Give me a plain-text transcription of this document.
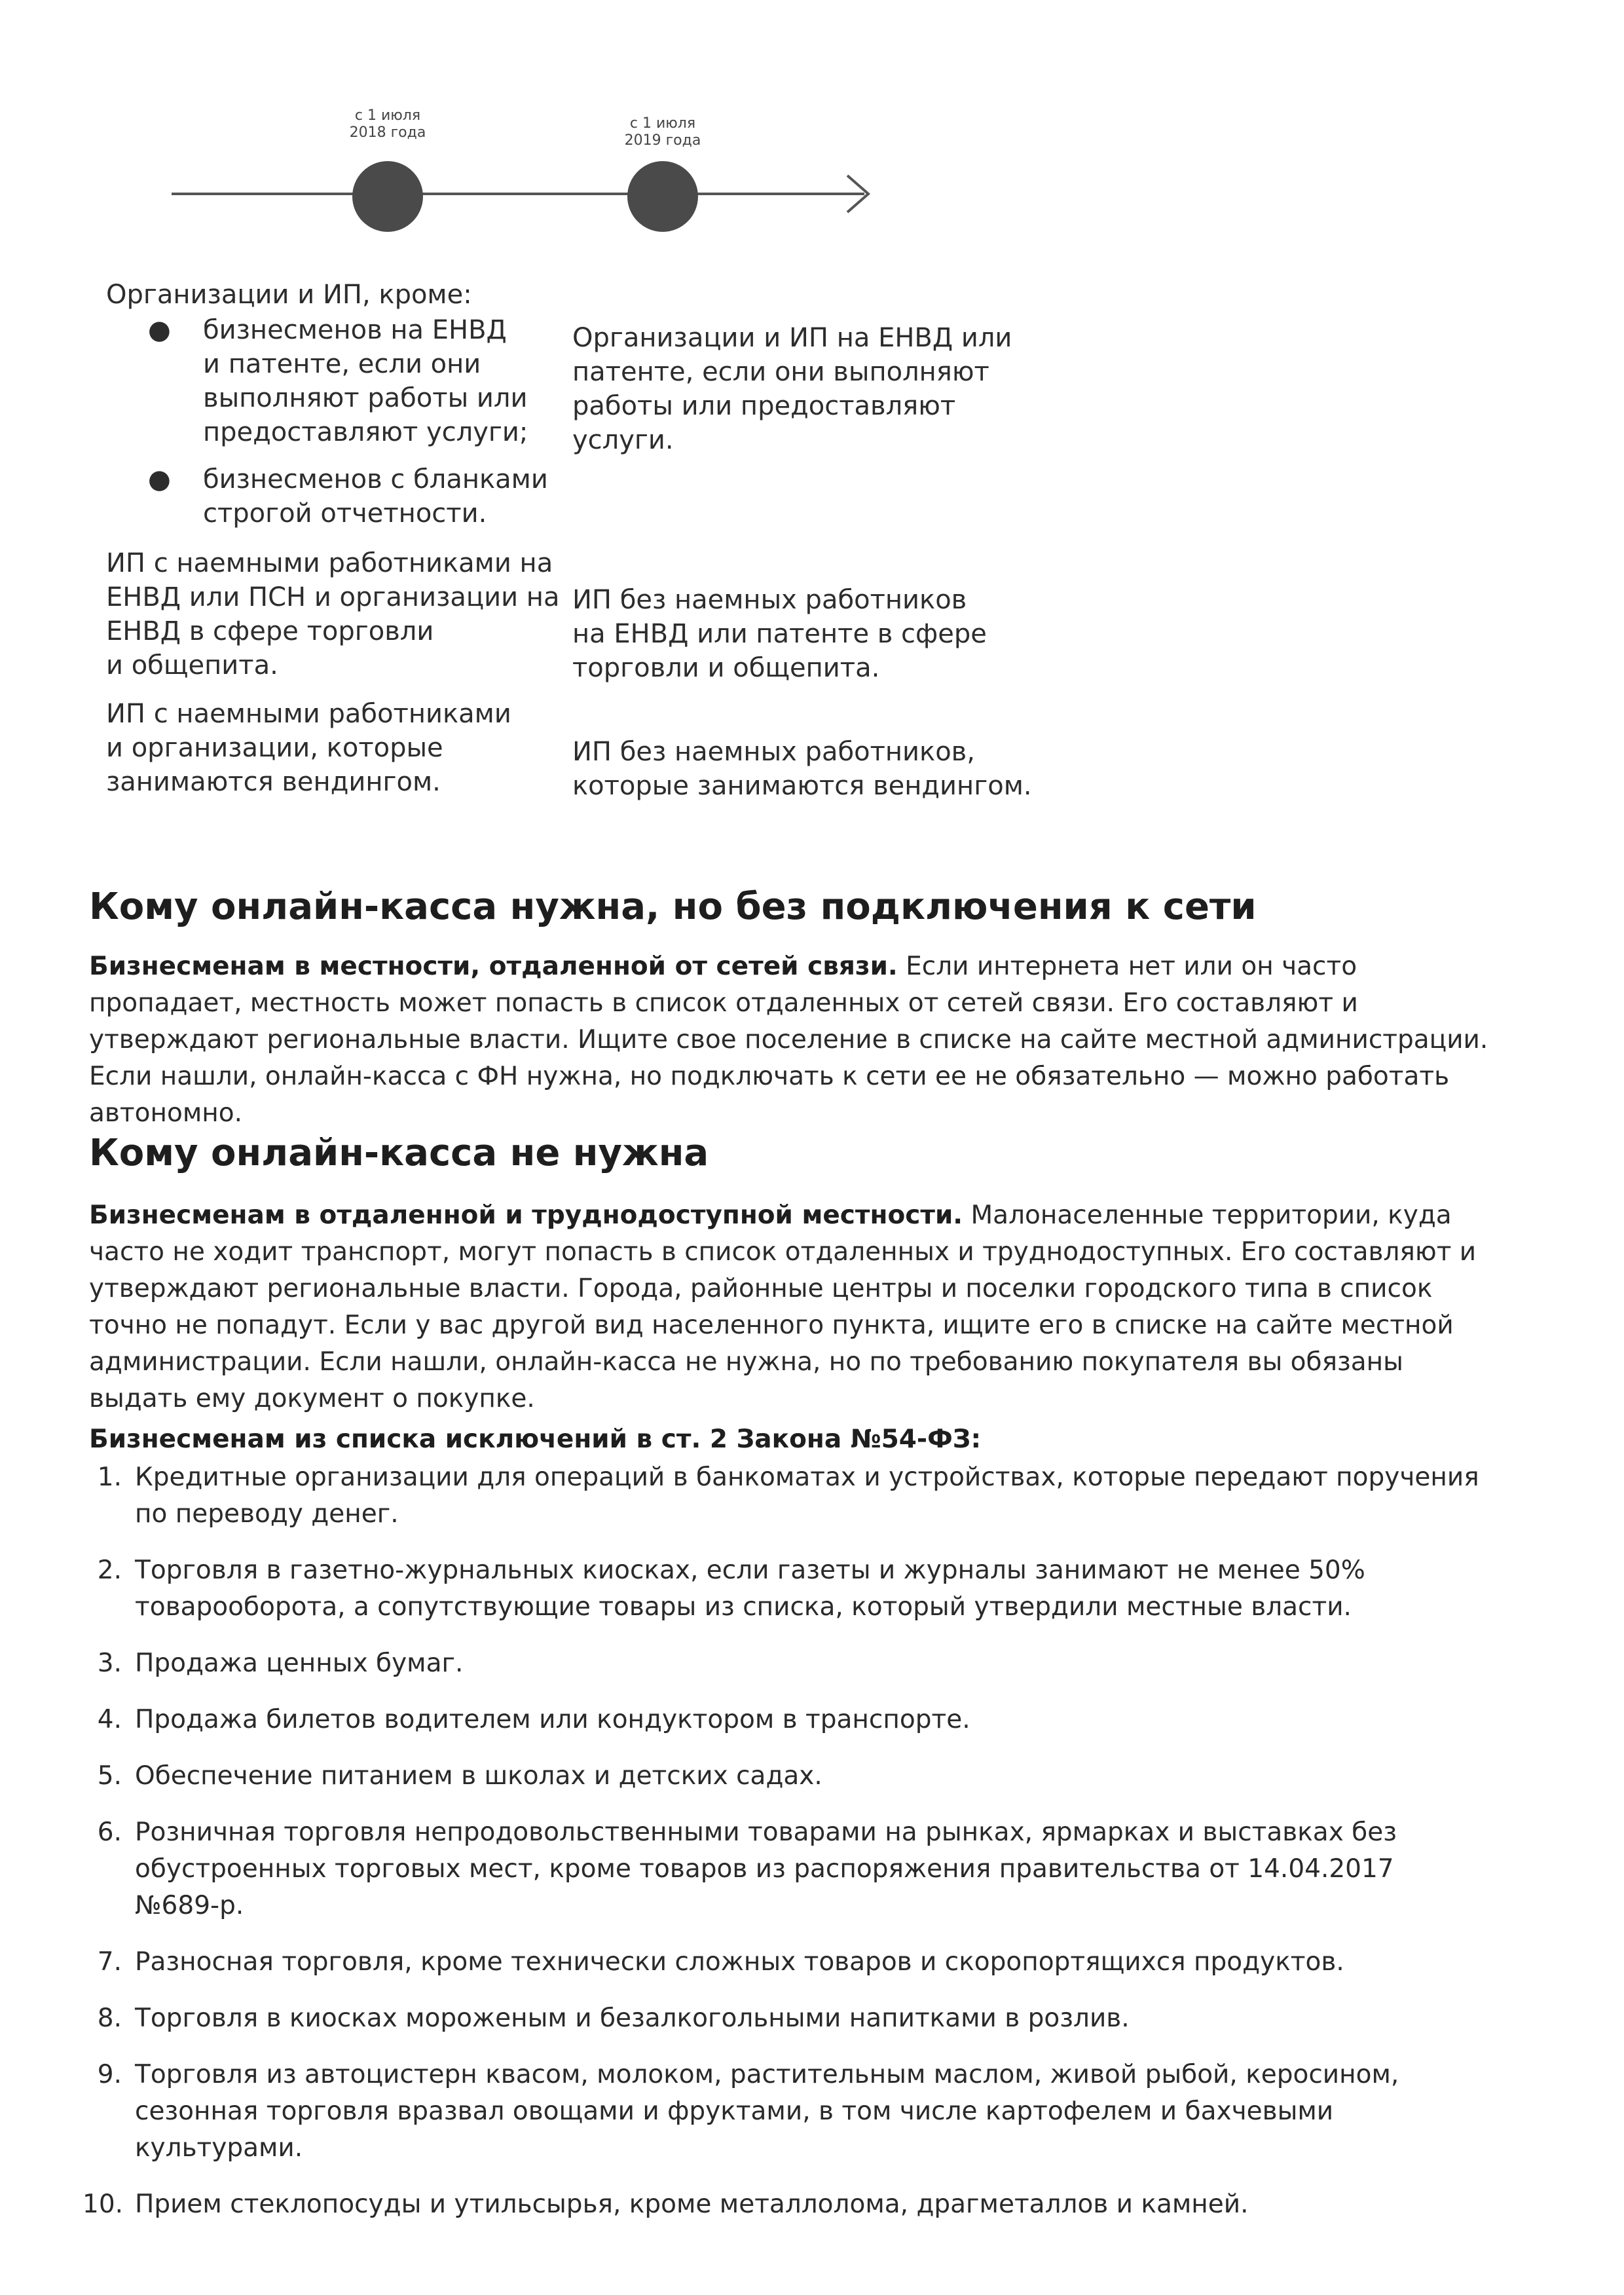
с 1 июля
2018 года
с 1 июля
2019 года
Организации и ИП, кроме:
● бизнесменов на ЕНВД
и патенте, если они
выполняют работы или
предоставляют услуги;
● бизнесменов с бланками
строгой отчетности.
ИП с наемными работниками на
ЕНВД или ПСН и организации на
ЕНВД в сфере торговли
и общепита.
ИП с наемными работниками
и организации, которые
занимаются вендингом.
Организации и ИП на ЕНВД или
патенте, если они выполняют
работы или предоставляют
услуги.
ИП без наемных работников
на ЕНВД или патенте в сфере
торговли и общепита.
ИП без наемных работников,
которые занимаются вендингом.
Кому онлайн-касса нужна, но без подключения к сети

Бизнесменам в местности, отдаленной от сетей связи. Если интернета нет или он часто пропадает, местность может попасть в список отдаленных от сетей связи. Его составляют и утверждают региональные власти. Ищите свое поселение в списке на сайте местной администрации. Если нашли, онлайн-касса с ФН нужна, но подключать к сети ее не обязательно — можно работать автономно.

Кому онлайн-касса не нужна

Бизнесменам в отдаленной и труднодоступной местности. Малонаселенные территории, куда часто не ходит транспорт, могут попасть в список отдаленных и труднодоступных. Его составляют и утверждают региональные власти. Города, районные центры и поселки городского типа в список точно не попадут. Если у вас другой вид населенного пункта, ищите его в списке на сайте местной администрации. Если нашли, онлайн-касса не нужна, но по требованию покупателя вы обязаны выдать ему документ о покупке.

Бизнесменам из списка исключений в ст. 2 Закона №54-ФЗ:
1. Кредитные организации для операций в банкоматах и устройствах, которые передают поручения по переводу денег.
2. Торговля в газетно-журнальных киосках, если газеты и журналы занимают не менее 50% товарооборота, а сопутствующие товары из списка, который утвердили местные власти.
3. Продажа ценных бумаг.
4. Продажа билетов водителем или кондуктором в транспорте.
5. Обеспечение питанием в школах и детских садах.
6. Розничная торговля непродовольственными товарами на рынках, ярмарках и выставках без обустроенных торговых мест, кроме товаров из распоряжения правительства от 14.04.2017 №689-р.
7. Разносная торговля, кроме технически сложных товаров и скоропортящихся продуктов.
8. Торговля в киосках мороженым и безалкогольными напитками в розлив.
9. Торговля из автоцистерн квасом, молоком, растительным маслом, живой рыбой, керосином, сезонная торговля вразвал овощами и фруктами, в том числе картофелем и бахчевыми культурами.
10. Прием стеклопосуды и утильсырья, кроме металлолома, драгметаллов и камней.
